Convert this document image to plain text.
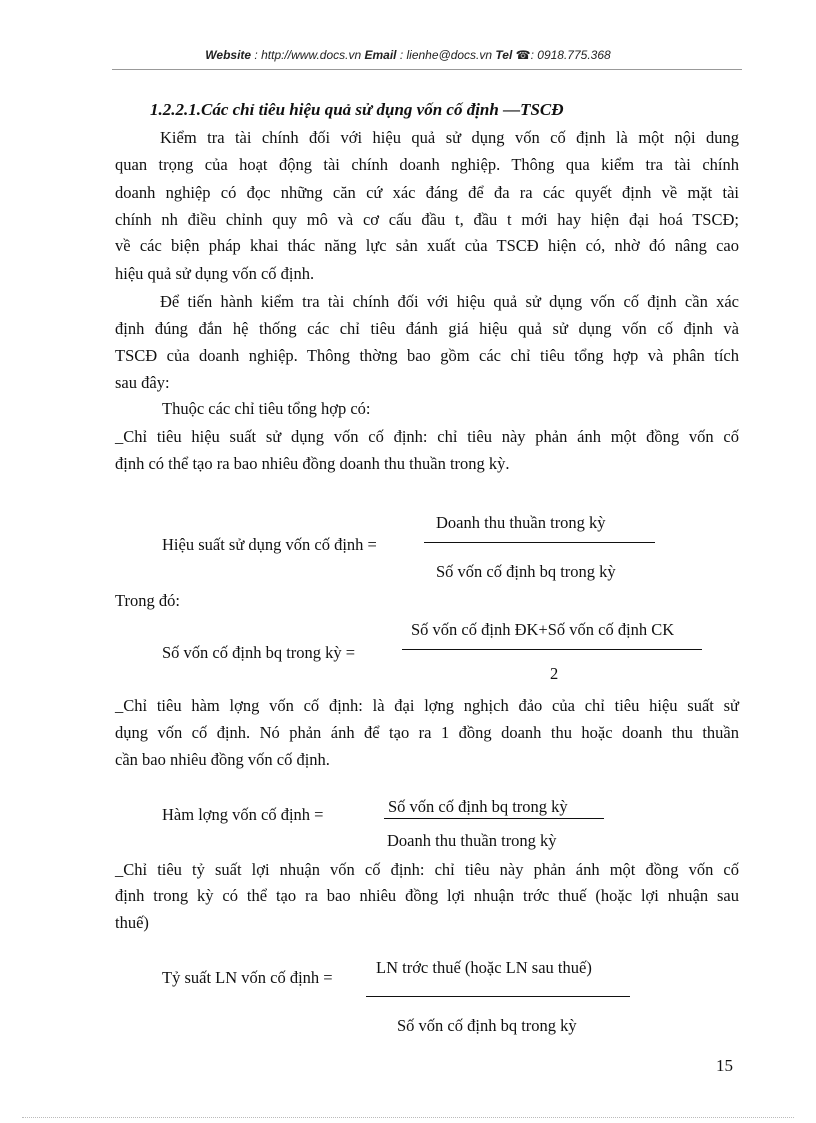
Website : http://www.docs.vn Email : lienhe@docs.vn Tel ☎: 0918.775.368
1.2.2.1.Các chỉ tiêu hiệu quả sử dụng vốn cố định —TSCĐ
Kiểm tra tài chính đối với hiệu quả sử dụng vốn cố định là một nội dung
quan trọng của hoạt động tài chính doanh nghiệp. Thông qua kiểm tra tài chính
doanh nghiệp có đọc những căn cứ xác đáng để đa ra các quyết định về mặt tài
chính nh điều chỉnh quy mô và cơ cấu đầu t, đầu t mới hay hiện đại hoá TSCĐ;
về các biện pháp khai thác năng lực sản xuất của TSCĐ hiện có, nhờ đó nâng cao
hiệu quả sử dụng vốn cố định.
Để tiến hành kiểm tra tài chính đối với hiệu quả sử dụng vốn cố định cần xác
định đúng đắn hệ thống các chỉ tiêu đánh giá hiệu quả sử dụng vốn cố định và
TSCĐ của doanh nghiệp. Thông thờng bao gồm các chỉ tiêu tổng hợp và phân tích
sau đây:
Thuộc các chỉ tiêu tổng hợp có:
_Chỉ tiêu hiệu suất sử dụng vốn cố định: chỉ tiêu này phản ánh một đồng vốn cố
định có thể tạo ra bao nhiêu đồng doanh thu thuần trong kỳ.
Hiệu suất sử dụng vốn cố định =
Doanh thu thuần trong kỳ
Số vốn cố định bq trong kỳ
Trong đó:
Số vốn cố định bq trong kỳ =
Số vốn cố định ĐK+Số vốn cố định CK
2
_Chỉ tiêu hàm lợng vốn cố định: là đại lợng nghịch đảo của chỉ tiêu hiệu suất sử
dụng vốn cố định. Nó phản ánh để tạo ra 1 đồng doanh thu hoặc doanh thu thuần
cần bao nhiêu đồng vốn cố định.
Hàm lợng vốn cố định =	Số vốn cố định bq trong kỳ
Doanh thu thuần trong kỳ
_Chỉ tiêu tỷ suất lợi nhuận vốn cố định: chỉ tiêu này phản ánh một đồng vốn cố
định trong kỳ có thể tạo ra bao nhiêu đồng lợi nhuận trớc thuế (hoặc lợi nhuận sau
thuế)
Tỷ suất LN vốn cố định =
LN trớc thuế (hoặc LN sau thuế)
Số vốn cố định bq trong kỳ
15
